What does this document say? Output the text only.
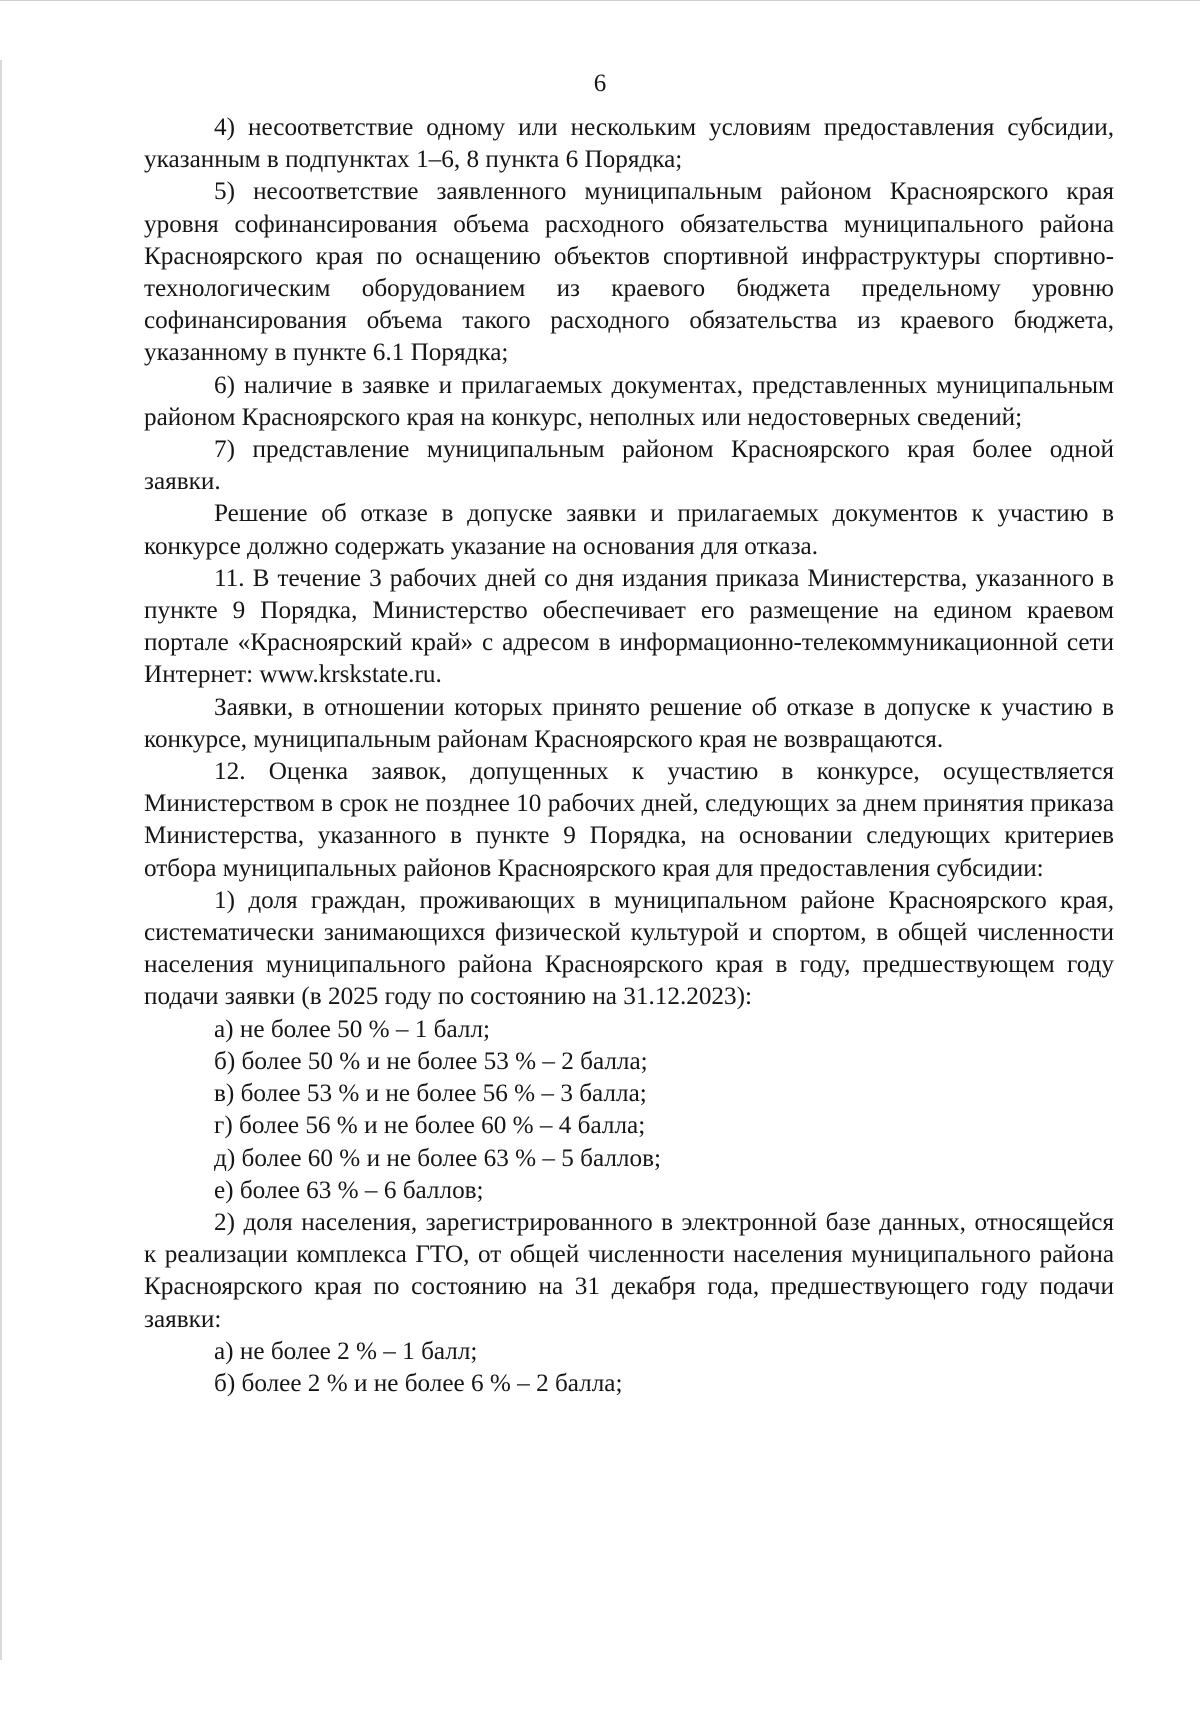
6

4) несоответствие одному или нескольким условиям предоставления субсидии, указанным в подпунктах 1–6, 8 пункта 6 Порядка;

5) несоответствие заявленного муниципальным районом Красноярского края уровня софинансирования объема расходного обязательства муниципального района Красноярского края по оснащению объектов спортивной инфраструктуры спортивно-технологическим оборудованием из краевого бюджета предельному уровню софинансирования объема такого расходного обязательства из краевого бюджета, указанному в пункте 6.1 Порядка;

6) наличие в заявке и прилагаемых документах, представленных муниципальным районом Красноярского края на конкурс, неполных или недостоверных сведений;

7) представление муниципальным районом Красноярского края более одной заявки.

Решение об отказе в допуске заявки и прилагаемых документов к участию в конкурсе должно содержать указание на основания для отказа.

11. В течение 3 рабочих дней со дня издания приказа Министерства, указанного в пункте 9 Порядка, Министерство обеспечивает его размещение на едином краевом портале «Красноярский край» с адресом в информационно-телекоммуникационной сети Интернет: www.krskstate.ru.

Заявки, в отношении которых принято решение об отказе в допуске к участию в конкурсе, муниципальным районам Красноярского края не возвращаются.

12. Оценка заявок, допущенных к участию в конкурсе, осуществляется Министерством в срок не позднее 10 рабочих дней, следующих за днем принятия приказа Министерства, указанного в пункте 9 Порядка, на основании следующих критериев отбора муниципальных районов Красноярского края для предоставления субсидии:

1) доля граждан, проживающих в муниципальном районе Красноярского края, систематически занимающихся физической культурой и спортом, в общей численности населения муниципального района Красноярского края в году, предшествующем году подачи заявки (в 2025 году по состоянию на 31.12.2023):

а) не более 50 % – 1 балл;

б) более 50 % и не более 53 % – 2 балла;

в) более 53 % и не более 56 % – 3 балла;

г) более 56 % и не более 60 % – 4 балла;

д) более 60 % и не более 63 % – 5 баллов;

е) более 63 % – 6 баллов;

2) доля населения, зарегистрированного в электронной базе данных, относящейся к реализации комплекса ГТО, от общей численности населения муниципального района Красноярского края по состоянию на 31 декабря года, предшествующего году подачи заявки:

а) не более 2 % – 1 балл;

б) более 2 % и не более 6 % – 2 балла;
